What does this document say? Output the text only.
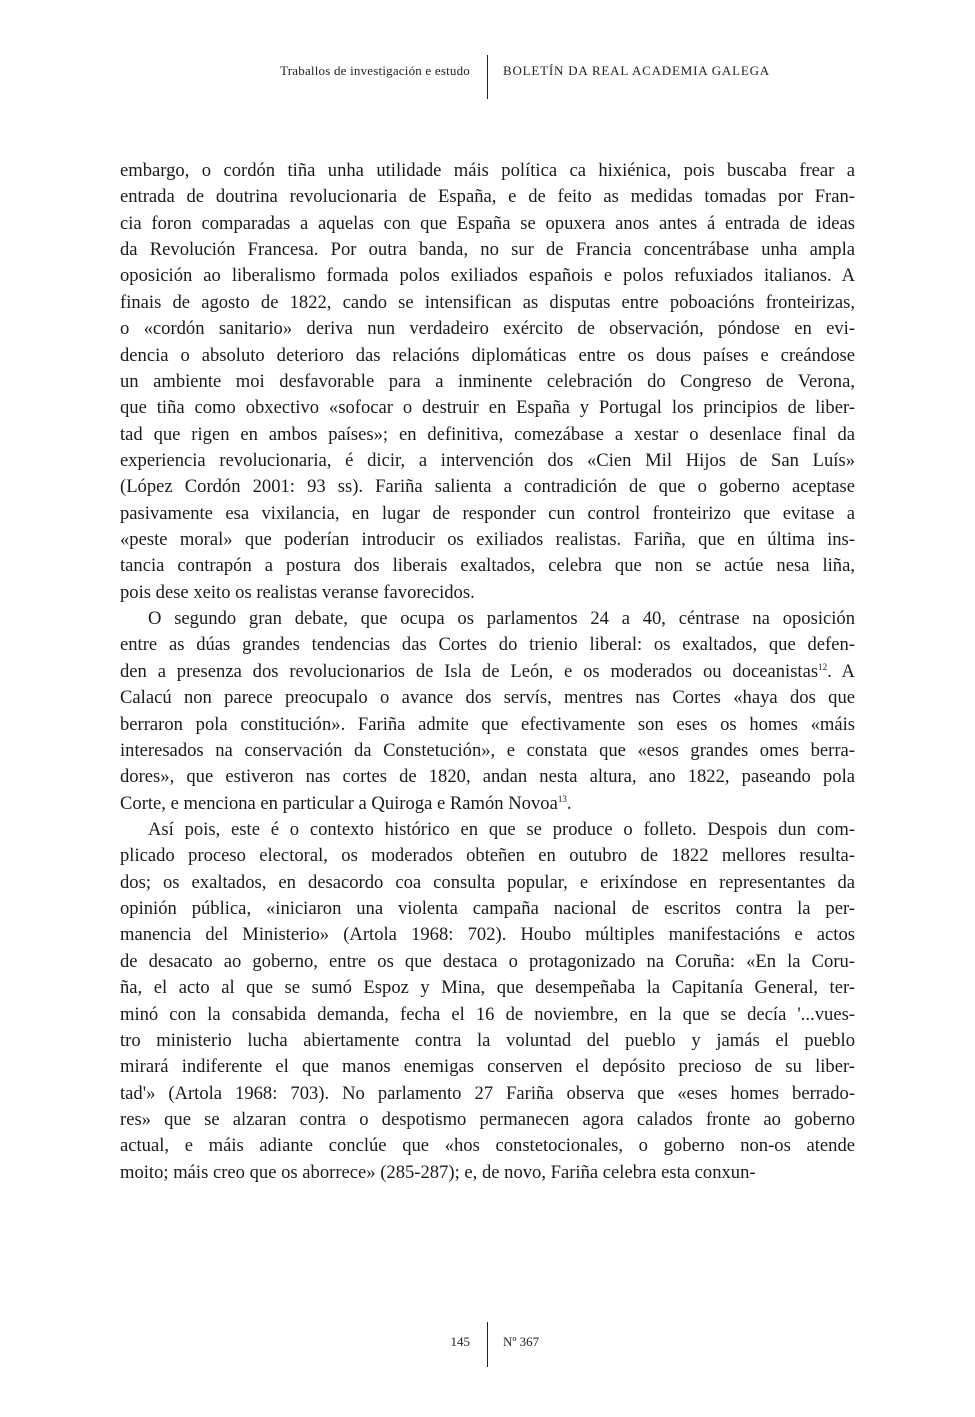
Traballos de investigación e estudo	BOLETÍN DA REAL ACADEMIA GALEGA
embargo, o cordón tiña unha utilidade máis política ca hixiénica, pois buscaba frear a
entrada de doutrina revolucionaria de España, e de feito as medidas tomadas por Fran-
cia foron comparadas a aquelas con que España se opuxera anos antes á entrada de ideas
da Revolución Francesa. Por outra banda, no sur de Francia concentrábase unha ampla
oposición ao liberalismo formada polos exiliados españois e polos refuxiados italianos. A
finais de agosto de 1822, cando se intensifican as disputas entre poboacións fronteirizas,
o «cordón sanitario» deriva nun verdadeiro exército de observación, póndose en evi-
dencia o absoluto deterioro das relacións diplomáticas entre os dous países e creándose
un ambiente moi desfavorable para a inminente celebración do Congreso de Verona,
que tiña como obxectivo «sofocar o destruir en España y Portugal los principios de liber-
tad que rigen en ambos países»; en definitiva, comezábase a xestar o desenlace final da
experiencia revolucionaria, é dicir, a intervención dos «Cien Mil Hijos de San Luís»
(López Cordón 2001: 93 ss). Fariña salienta a contradición de que o goberno aceptase
pasivamente esa vixilancia, en lugar de responder cun control fronteirizo que evitase a
«peste moral» que poderían introducir os exiliados realistas. Fariña, que en última ins-
tancia contrapón a postura dos liberais exaltados, celebra que non se actúe nesa liña,
pois dese xeito os realistas veranse favorecidos.
O segundo gran debate, que ocupa os parlamentos 24 a 40, céntrase na oposición
entre as dúas grandes tendencias das Cortes do trienio liberal: os exaltados, que defen-
den a presenza dos revolucionarios de Isla de León, e os moderados ou doceanistas$^{12}$. A
Calacú non parece preocupalo o avance dos servís, mentres nas Cortes «haya dos que
berraron pola constitución». Fariña admite que efectivamente son eses os homes «máis
interesados na conservación da Constetución», e constata que «esos grandes omes berra-
dores», que estiveron nas cortes de 1820, andan nesta altura, ano 1822, paseando pola
Corte, e menciona en particular a Quiroga e Ramón Novoa$^{13}$.
Así pois, este é o contexto histórico en que se produce o folleto. Despois dun com-
plicado proceso electoral, os moderados obteñen en outubro de 1822 mellores resulta-
dos; os exaltados, en desacordo coa consulta popular, e erixíndose en representantes da
opinión pública, «iniciaron una violenta campaña nacional de escritos contra la per-
manencia del Ministerio» (Artola 1968: 702). Houbo múltiples manifestacións e actos
de desacato ao goberno, entre os que destaca o protagonizado na Coruña: «En la Coru-
ña, el acto al que se sumó Espoz y Mina, que desempeñaba la Capitanía General, ter-
minó con la consabida demanda, fecha el 16 de noviembre, en la que se decía '...vues-
tro ministerio lucha abiertamente contra la voluntad del pueblo y jamás el pueblo
mirará indiferente el que manos enemigas conserven el depósito precioso de su liber-
tad'» (Artola 1968: 703). No parlamento 27 Fariña observa que «eses homes berrado-
res» que se alzaran contra o despotismo permanecen agora calados fronte ao goberno
actual, e máis adiante conclúe que «hos constetocionales, o goberno non-os atende
moito; máis creo que os aborrece» (285-287); e, de novo, Fariña celebra esta conxun-
145	Nº 367
